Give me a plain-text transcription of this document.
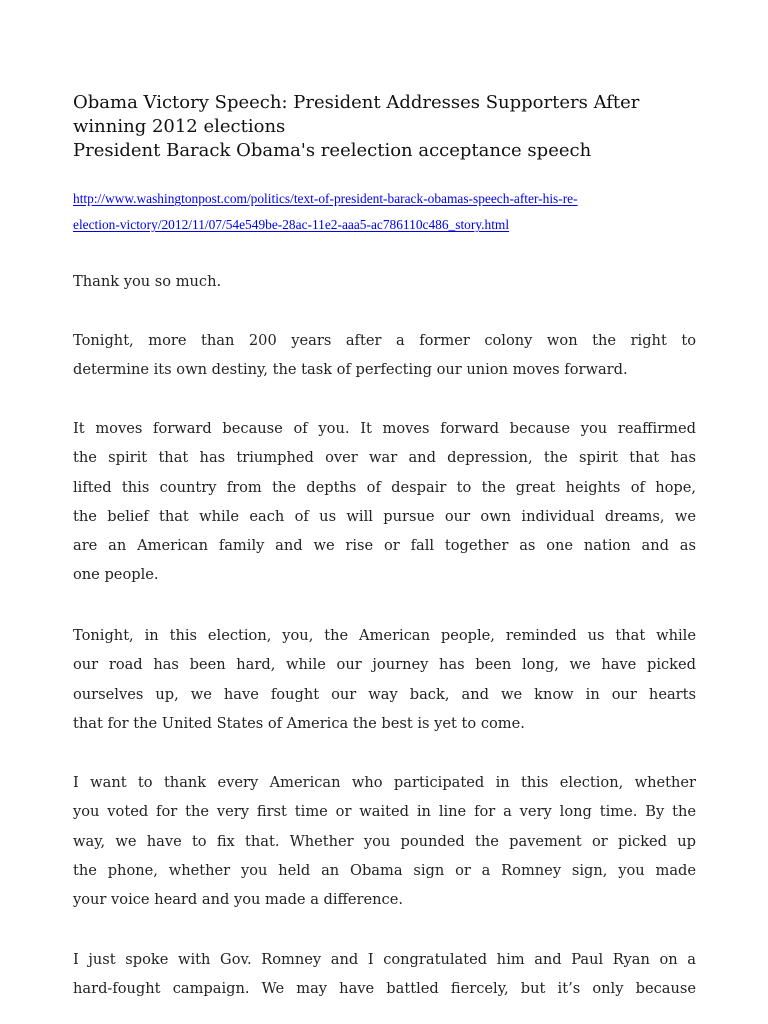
Obama Victory Speech: President Addresses Supporters After
winning 2012 elections
President Barack Obama's reelection acceptance speech
http://www.washingtonpost.com/politics/text-of-president-barack-obamas-speech-after-his-re-
election-victory/2012/11/07/54e549be-28ac-11e2-aaa5-ac786110c486_story.html

Thank you so much.

Tonight, more than 200 years after a former colony won the right to
determine its own destiny, the task of perfecting our union moves forward.

It moves forward because of you. It moves forward because you reaffirmed
the spirit that has triumphed over war and depression, the spirit that has
lifted this country from the depths of despair to the great heights of hope,
the belief that while each of us will pursue our own individual dreams, we
are an American family and we rise or fall together as one nation and as
one people.

Tonight, in this election, you, the American people, reminded us that while
our road has been hard, while our journey has been long, we have picked
ourselves up, we have fought our way back, and we know in our hearts
that for the United States of America the best is yet to come.

I want to thank every American who participated in this election, whether
you voted for the very first time or waited in line for a very long time. By the
way, we have to fix that. Whether you pounded the pavement or picked up
the phone, whether you held an Obama sign or a Romney sign, you made
your voice heard and you made a difference.

I just spoke with Gov. Romney and I congratulated him and Paul Ryan on a
hard-fought campaign. We may have battled fiercely, but it’s only because
